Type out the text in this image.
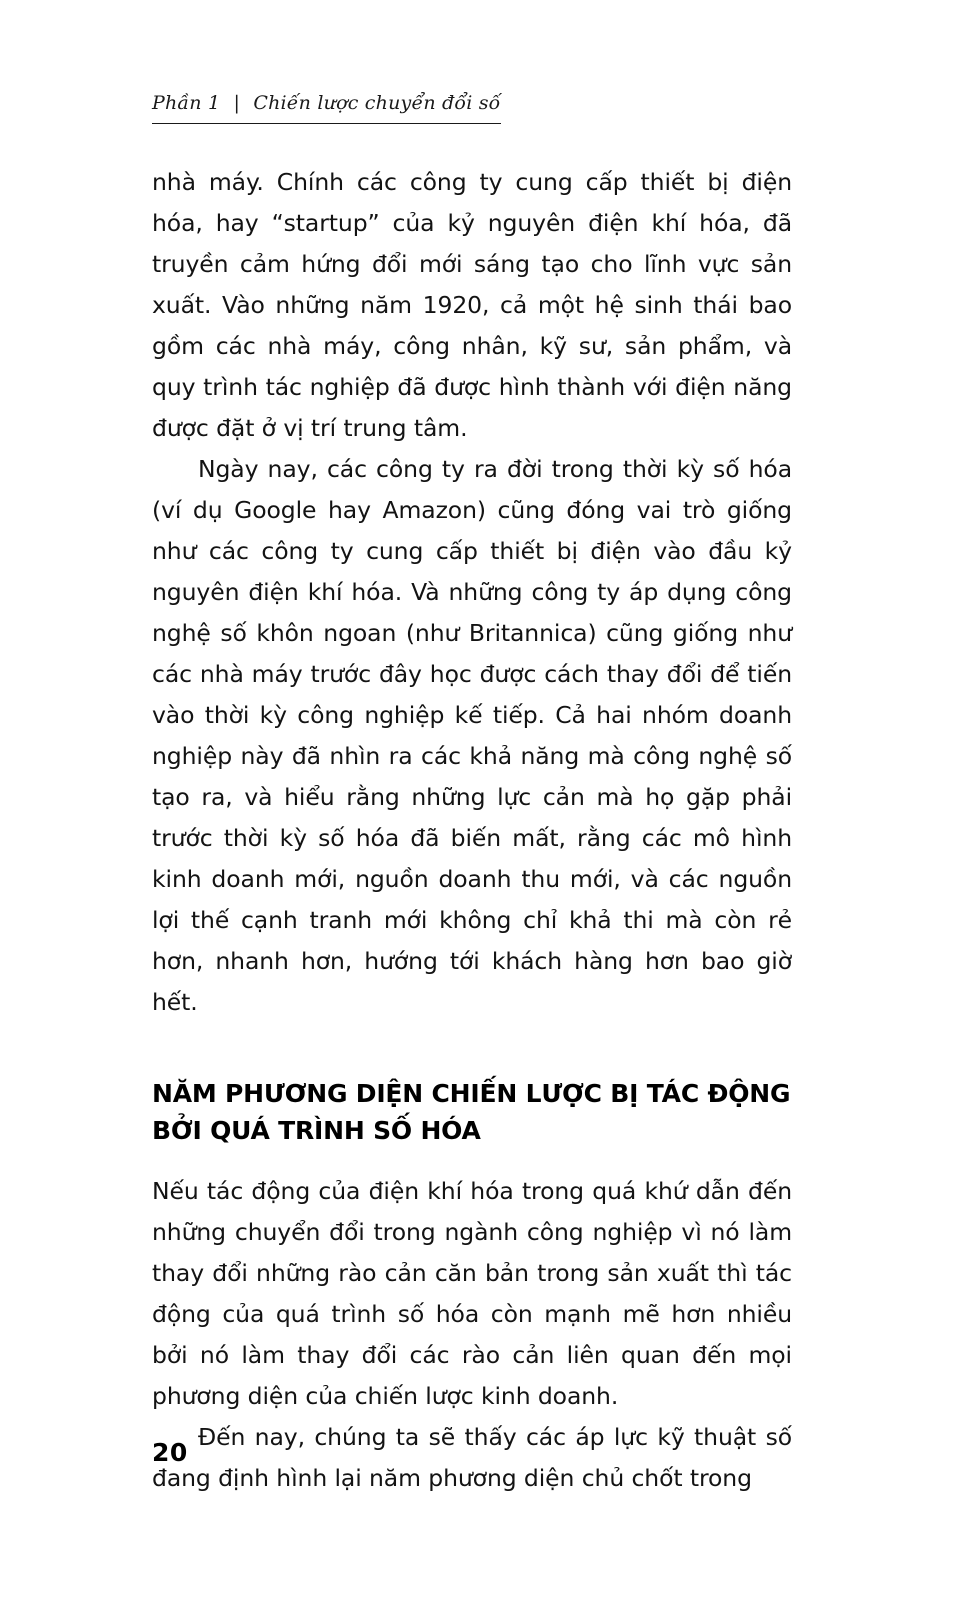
Phần 1 | Chiến lược chuyển đổi số

nhà máy. Chính các công ty cung cấp thiết bị điện hóa, hay “startup” của kỷ nguyên điện khí hóa, đã truyền cảm hứng đổi mới sáng tạo cho lĩnh vực sản xuất. Vào những năm 1920, cả một hệ sinh thái bao gồm các nhà máy, công nhân, kỹ sư, sản phẩm, và quy trình tác nghiệp đã được hình thành với điện năng được đặt ở vị trí trung tâm.

Ngày nay, các công ty ra đời trong thời kỳ số hóa (ví dụ Google hay Amazon) cũng đóng vai trò giống như các công ty cung cấp thiết bị điện vào đầu kỷ nguyên điện khí hóa. Và những công ty áp dụng công nghệ số khôn ngoan (như Britannica) cũng giống như các nhà máy trước đây học được cách thay đổi để tiến vào thời kỳ công nghiệp kế tiếp. Cả hai nhóm doanh nghiệp này đã nhìn ra các khả năng mà công nghệ số tạo ra, và hiểu rằng những lực cản mà họ gặp phải trước thời kỳ số hóa đã biến mất, rằng các mô hình kinh doanh mới, nguồn doanh thu mới, và các nguồn lợi thế cạnh tranh mới không chỉ khả thi mà còn rẻ hơn, nhanh hơn, hướng tới khách hàng hơn bao giờ hết.

NĂM PHƯƠNG DIỆN CHIẾN LƯỢC BỊ TÁC ĐỘNG BỞI QUÁ TRÌNH SỐ HÓA

Nếu tác động của điện khí hóa trong quá khứ dẫn đến những chuyển đổi trong ngành công nghiệp vì nó làm thay đổi những rào cản căn bản trong sản xuất thì tác động của quá trình số hóa còn mạnh mẽ hơn nhiều bởi nó làm thay đổi các rào cản liên quan đến mọi phương diện của chiến lược kinh doanh.

Đến nay, chúng ta sẽ thấy các áp lực kỹ thuật số đang định hình lại năm phương diện chủ chốt trong

20
